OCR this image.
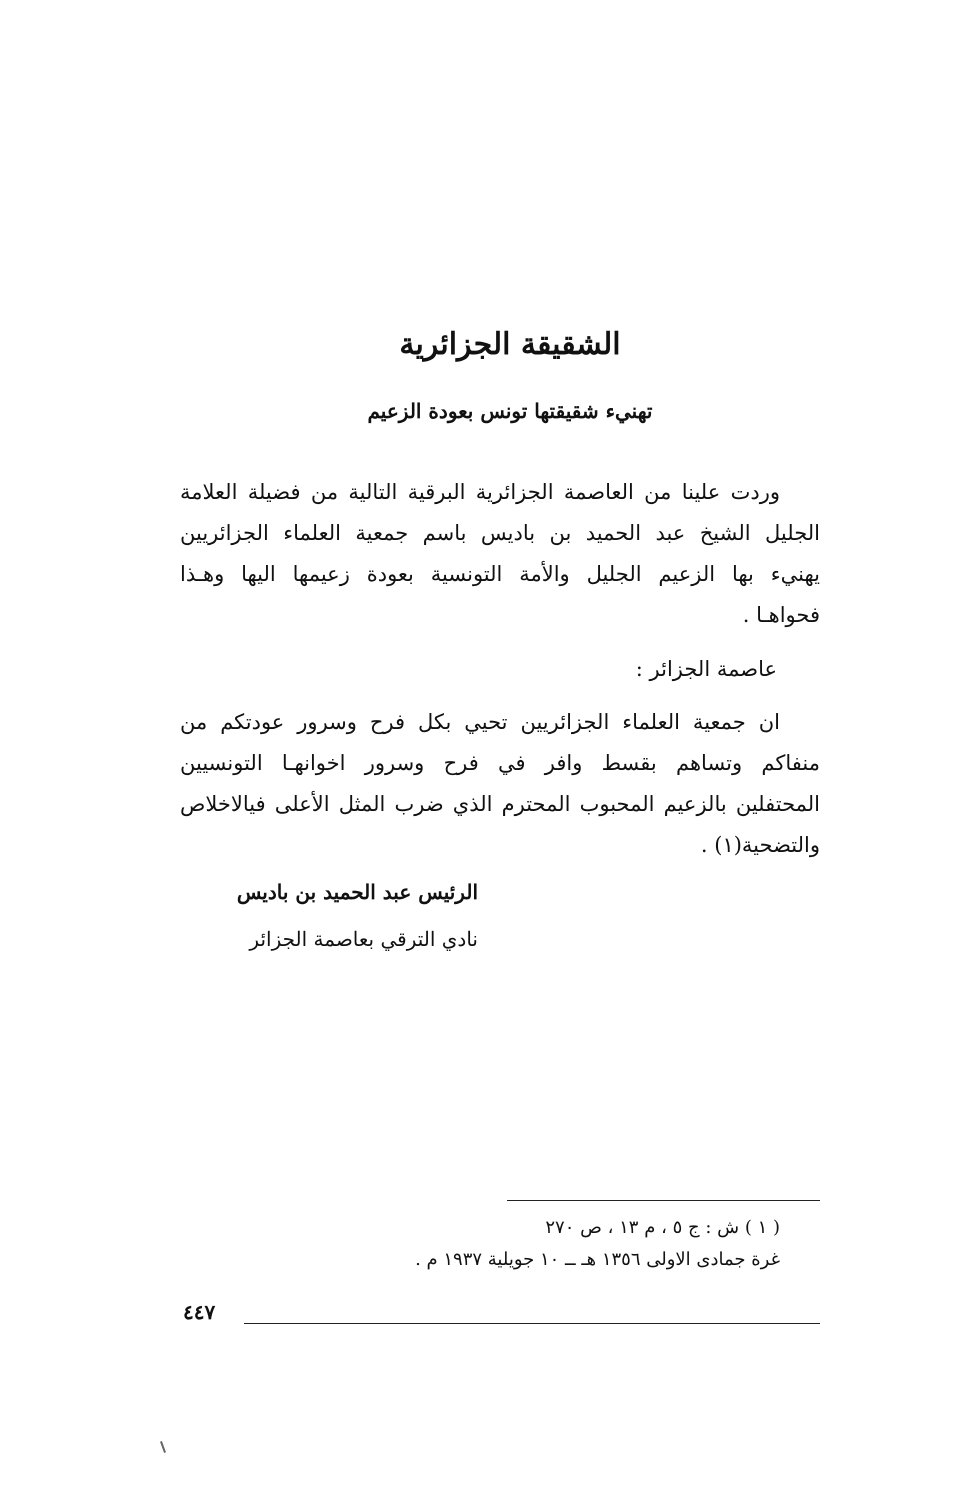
الشقيقة الجزائرية
تهنيء شقيقتها تونس بعودة الزعيم
وردت علينا من العاصمة الجزائرية البرقية التالية من فضيلة العلامة
الجليل الشيخ عبد الحميد بن باديس باسم جمعية العلماء الجزائريين
يهنيء بها الزعيم الجليل والأمة التونسية بعودة زعيمها اليها وهـذا
فحواهـا .
عاصمة الجزائر :
ان جمعية العلماء الجزائريين تحيي بكل فرح وسرور عودتكم من
منفاكم وتساهم بقسط وافر في فرح وسرور اخوانهـا التونسيين
المحتفلين بالزعيم المحبوب المحترم الذي ضرب المثل الأعلى فيالاخلاص
والتضحية(١) .
الرئيس عبد الحميد بن باديس
نادي الترقي بعاصمة الجزائر
( ١ ) ش : ج ٥ ، م ١٣ ، ص ٢٧٠
غرة جمادى الاولى ١٣٥٦ هـ ــ ١٠ جويلية ١٩٣٧ م .
٤٤٧
